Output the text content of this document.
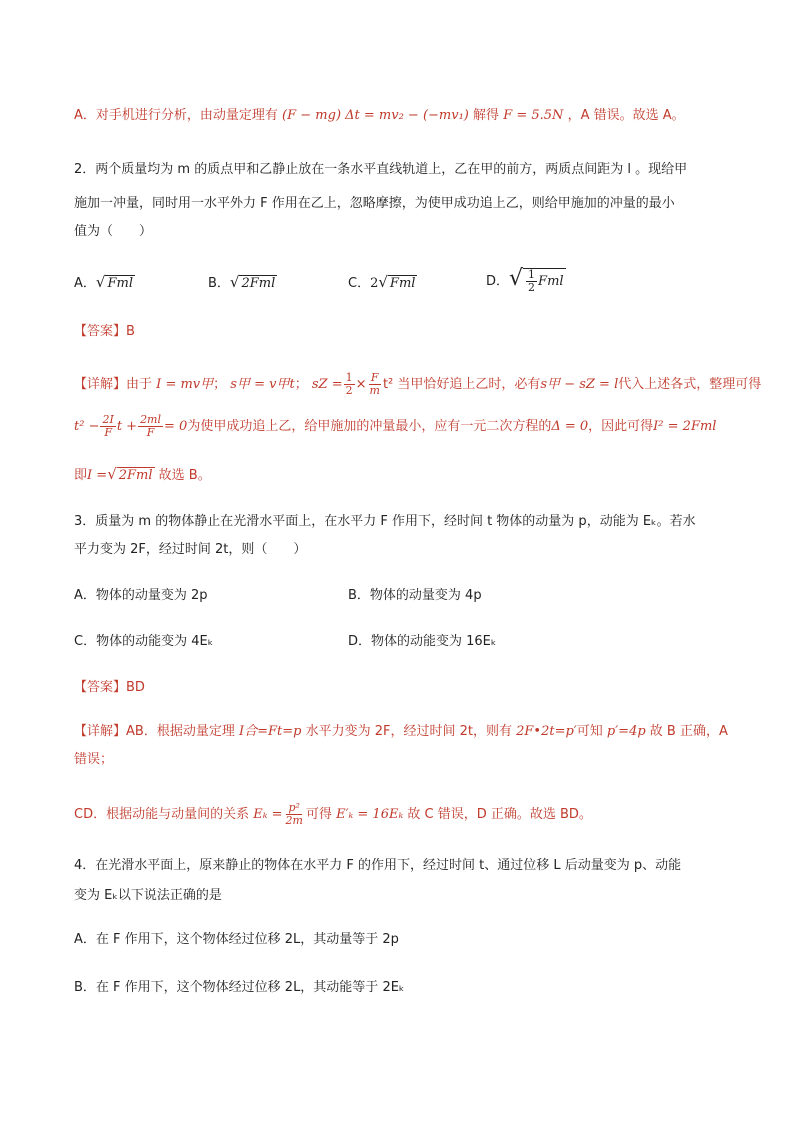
A．对手机进行分析，由动量定理有 (F − mg) Δt = mv₂ − (−mv₁) 解得 F = 5.5N ，A 错误。故选 A。
2．两个质量均为 m 的质点甲和乙静止放在一条水平直线轨道上，乙在甲的前方，两质点间距为 l 。现给甲
施加一冲量，同时用一水平外力 F 作用在乙上，忽略摩擦，为使甲成功追上乙，则给甲施加的冲量的最小
值为（　　）
A．√ Fml	B．√ 2Fml	C．2√ Fml	D．√ $\frac{1}{2}$ Fml
【答案】B
【详解】由于 I = mv甲； s甲 = v甲t； sZ = $\frac{1}{2} \times \frac{F}{m} t^2$ 当甲恰好追上乙时，必有s甲 − sZ = l代入上述各式，整理可得
$t^2 - \frac{2I}{F}$ $t + \frac{2ml}{F} = 0$为使甲成功追上乙，给甲施加的冲量最小，应有一元二次方程的Δ = 0，因此可得I² = 2Fml
即I =√ 2Fml 故选 B。
3．质量为 m 的物体静止在光滑水平面上，在水平力 F 作用下，经时间 t 物体的动量为 p，动能为 Eₖ。若水
平力变为 2F，经过时间 2t，则（　　）
A．物体的动量变为 2p	B．物体的动量变为 4p
C．物体的动能变为 4Eₖ	D．物体的动能变为 16Eₖ
【答案】BD
【详解】AB．根据动量定理 I合=Ft=p 水平力变为 2F，经过时间 2t，则有 2F•2t=p′可知 p′=4p 故 B 正确，A
错误；
CD．根据动能与动量间的关系 $E_k = \frac{\text{p²}}{2m}$ 可得 E′ₖ = 16Eₖ 故 C 错误，D 正确。故选 BD。
4．在光滑水平面上，原来静止的物体在水平力 F 的作用下，经过时间 t、通过位移 L 后动量变为 p、动能
变为 Eₖ以下说法正确的是
A．在 F 作用下，这个物体经过位移 2L，其动量等于 2p
B．在 F 作用下，这个物体经过位移 2L，其动能等于 2Eₖ
